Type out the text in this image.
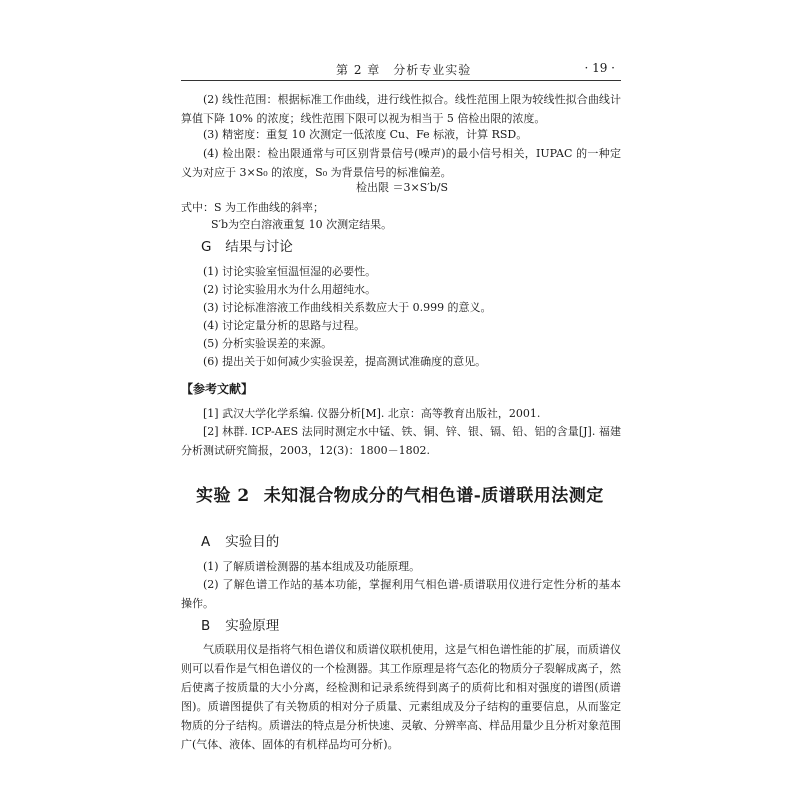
第 2 章　分析专业实验	· 19 ·

(2) 线性范围：根据标准工作曲线，进行线性拟合。线性范围上限为较线性拟合曲线计算值下降 10% 的浓度；线性范围下限可以视为相当于 5 倍检出限的浓度。

(3) 精密度：重复 10 次测定一低浓度 Cu、Fe 标液，计算 RSD。

(4) 检出限：检出限通常与可区别背景信号(噪声)的最小信号相关，IUPAC 的一种定义为对应于 3×S₀ 的浓度，S₀ 为背景信号的标准偏差。

检出限 ＝3×S′b/S

式中：S 为工作曲线的斜率；

S′b为空白溶液重复 10 次测定结果。

G 结果与讨论

(1) 讨论实验室恒温恒湿的必要性。

(2) 讨论实验用水为什么用超纯水。

(3) 讨论标准溶液工作曲线相关系数应大于 0.999 的意义。

(4) 讨论定量分析的思路与过程。

(5) 分析实验误差的来源。

(6) 提出关于如何减少实验误差，提高测试准确度的意见。

【参考文献】

[1] 武汉大学化学系编. 仪器分析[M]. 北京：高等教育出版社，2001.

[2] 林群. ICP-AES 法同时测定水中锰、铁、铜、锌、银、镉、铅、铝的含量[J]. 福建分析测试研究简报，2003，12(3)：1800－1802.

实验 2 未知混合物成分的气相色谱-质谱联用法测定
A 实验目的

(1) 了解质谱检测器的基本组成及功能原理。

(2) 了解色谱工作站的基本功能，掌握利用气相色谱-质谱联用仪进行定性分析的基本操作。

B 实验原理

气质联用仪是指将气相色谱仪和质谱仪联机使用，这是气相色谱性能的扩展，而质谱仪则可以看作是气相色谱仪的一个检测器。其工作原理是将气态化的物质分子裂解成离子，然后使离子按质量的大小分离，经检测和记录系统得到离子的质荷比和相对强度的谱图(质谱图)。质谱图提供了有关物质的相对分子质量、元素组成及分子结构的重要信息，从而鉴定物质的分子结构。质谱法的特点是分析快速、灵敏、分辨率高、样品用量少且分析对象范围广(气体、液体、固体的有机样品均可分析)。
